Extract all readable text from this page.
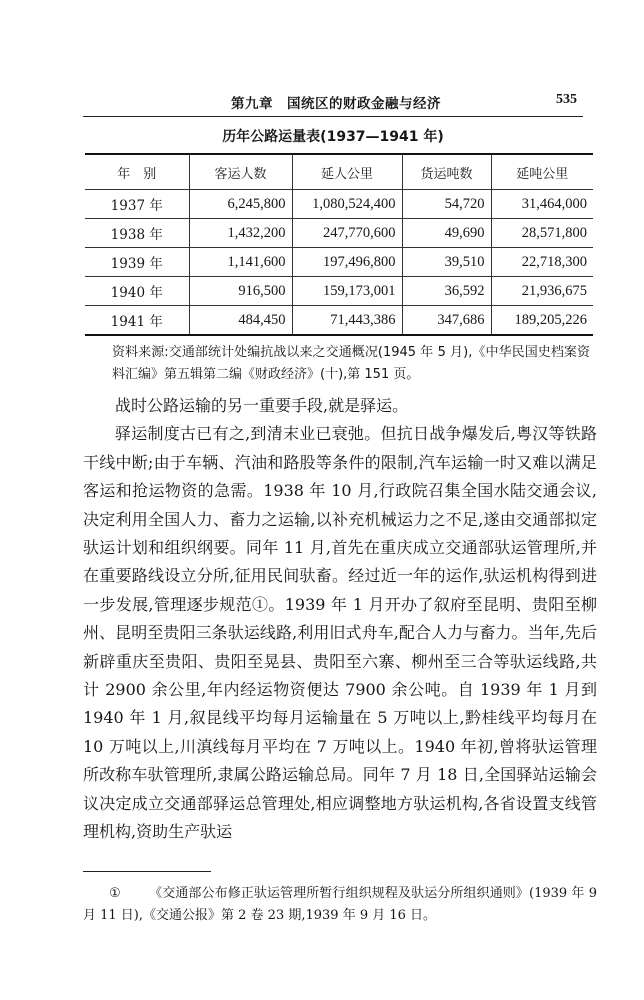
第九章　国统区的财政金融与经济	535
历年公路运量表(1937—1941 年)
年　别	客运人数	延人公里	货运吨数	延吨公里
1937 年	6,245,800	1,080,524,400	54,720	31,464,000
1938 年	1,432,200	247,770,600	49,690	28,571,800
1939 年	1,141,600	197,496,800	39,510	22,718,300
1940 年	916,500	159,173,001	36,592	21,936,675
1941 年	484,450	71,443,386	347,686	189,205,226
资料来源:交通部统计处编抗战以来之交通概况(1945 年 5 月),《中华民国史档案资料汇编》第五辑第二编《财政经济》(十),第 151 页。

战时公路运输的另一重要手段,就是驿运。

驿运制度古已有之,到清末业已衰弛。但抗日战争爆发后,粤汉等铁路干线中断;由于车辆、汽油和路股等条件的限制,汽车运输一时又难以满足客运和抢运物资的急需。1938 年 10 月,行政院召集全国水陆交通会议,决定利用全国人力、畜力之运输,以补充机械运力之不足,遂由交通部拟定驮运计划和组织纲要。同年 11 月,首先在重庆成立交通部驮运管理所,并在重要路线设立分所,征用民间驮畜。经过近一年的运作,驮运机构得到进一步发展,管理逐步规范①。1939 年 1 月开办了叙府至昆明、贵阳至柳州、昆明至贵阳三条驮运线路,利用旧式舟车,配合人力与畜力。当年,先后新辟重庆至贵阳、贵阳至晃县、贵阳至六寨、柳州至三合等驮运线路,共计 2900 余公里,年内经运物资便达 7900 余公吨。自 1939 年 1 月到 1940 年 1 月,叙昆线平均每月运输量在 5 万吨以上,黔桂线平均每月在 10 万吨以上,川滇线每月平均在 7 万吨以上。1940 年初,曾将驮运管理所改称车驮管理所,隶属公路运输总局。同年 7 月 18 日,全国驿站运输会议决定成立交通部驿运总管理处,相应调整地方驮运机构,各省设置支线管理机构,资助生产驮运

① 《交通部公布修正驮运管理所暂行组织规程及驮运分所组织通则》(1939 年 9 月 11 日),《交通公报》第 2 卷 23 期,1939 年 9 月 16 日。
